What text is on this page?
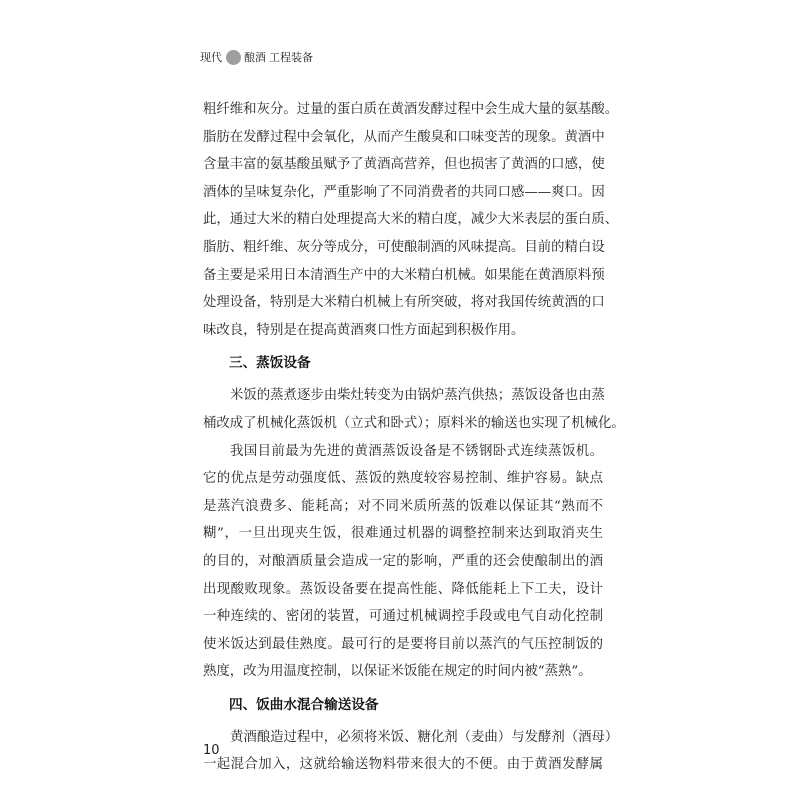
现代 酿酒 工程装备
粗纤维和灰分。过量的蛋白质在黄酒发酵过程中会生成大量的氨基酸。
脂肪在发酵过程中会氧化，从而产生酸臭和口味变苦的现象。黄酒中
含量丰富的氨基酸虽赋予了黄酒高营养，但也损害了黄酒的口感，使
酒体的呈味复杂化，严重影响了不同消费者的共同口感——爽口。因
此，通过大米的精白处理提高大米的精白度，减少大米表层的蛋白质、
脂肪、粗纤维、灰分等成分，可使酿制酒的风味提高。目前的精白设
备主要是采用日本清酒生产中的大米精白机械。如果能在黄酒原料预
处理设备，特别是大米精白机械上有所突破，将对我国传统黄酒的口
味改良，特别是在提高黄酒爽口性方面起到积极作用。
三、蒸饭设备
米饭的蒸煮逐步由柴灶转变为由锅炉蒸汽供热；蒸饭设备也由蒸
桶改成了机械化蒸饭机（立式和卧式）；原料米的输送也实现了机械化。
我国目前最为先进的黄酒蒸饭设备是不锈钢卧式连续蒸饭机。
它的优点是劳动强度低、蒸饭的熟度较容易控制、维护容易。缺点
是蒸汽浪费多、能耗高；对不同米质所蒸的饭难以保证其“熟而不
糊”，一旦出现夹生饭，很难通过机器的调整控制来达到取消夹生
的目的，对酿酒质量会造成一定的影响，严重的还会使酿制出的酒
出现酸败现象。蒸饭设备要在提高性能、降低能耗上下工夫，设计
一种连续的、密闭的装置，可通过机械调控手段或电气自动化控制
使米饭达到最佳熟度。最可行的是要将目前以蒸汽的气压控制饭的
熟度，改为用温度控制，以保证米饭能在规定的时间内被“蒸熟”。
四、饭曲水混合输送设备
黄酒酿造过程中，必须将米饭、糖化剂（麦曲）与发酵剂（酒母）
一起混合加入，这就给输送物料带来很大的不便。由于黄酒发酵属
10
